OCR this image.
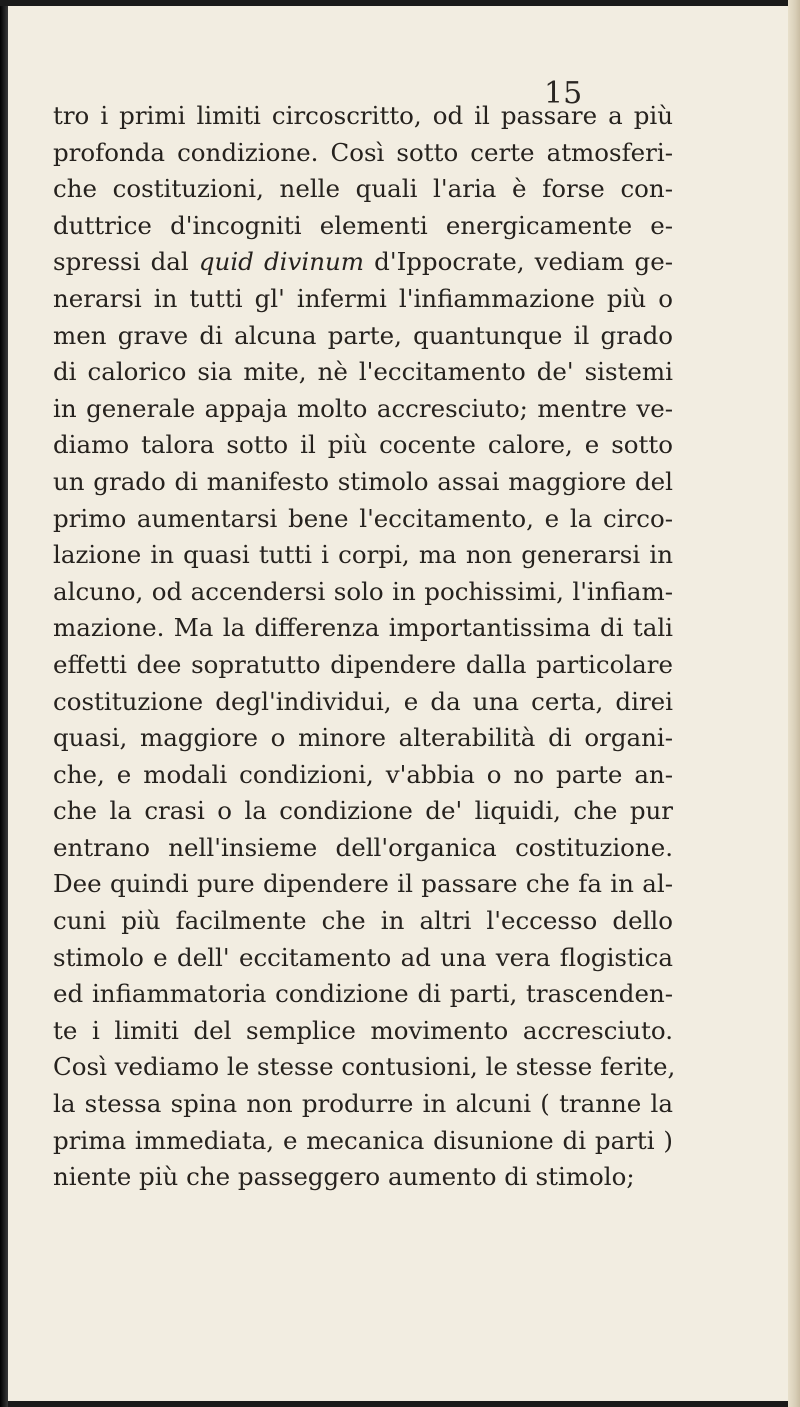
15
tro i primi limiti circoscritto, od il passare a più
profonda condizione. Così sotto certe atmosferi-
che costituzioni, nelle quali l'aria è forse con-
duttrice d'incogniti elementi energicamente e-
spressi dal quid divinum d'Ippocrate, vediam ge-
nerarsi in tutti gl' infermi l'infiammazione più o
men grave di alcuna parte, quantunque il grado
di calorico sia mite, nè l'eccitamento de' sistemi
in generale appaja molto accresciuto; mentre ve-
diamo talora sotto il più cocente calore, e sotto
un grado di manifesto stimolo assai maggiore del
primo aumentarsi bene l'eccitamento, e la circo-
lazione in quasi tutti i corpi, ma non generarsi in
alcuno, od accendersi solo in pochissimi, l'infiam-
mazione. Ma la differenza importantissima di tali
effetti dee sopratutto dipendere dalla particolare
costituzione degl'individui, e da una certa, direi
quasi, maggiore o minore alterabilità di organi-
che, e modali condizioni, v'abbia o no parte an-
che la crasi o la condizione de' liquidi, che pur
entrano nell'insieme dell'organica costituzione.
Dee quindi pure dipendere il passare che fa in al-
cuni più facilmente che in altri l'eccesso dello
stimolo e dell' eccitamento ad una vera flogistica
ed infiammatoria condizione di parti, trascenden-
te i limiti del semplice movimento accresciuto.
Così vediamo le stesse contusioni, le stesse ferite,
la stessa spina non produrre in alcuni ( tranne la
prima immediata, e mecanica disunione di parti )
niente più che passeggero aumento di stimolo;
